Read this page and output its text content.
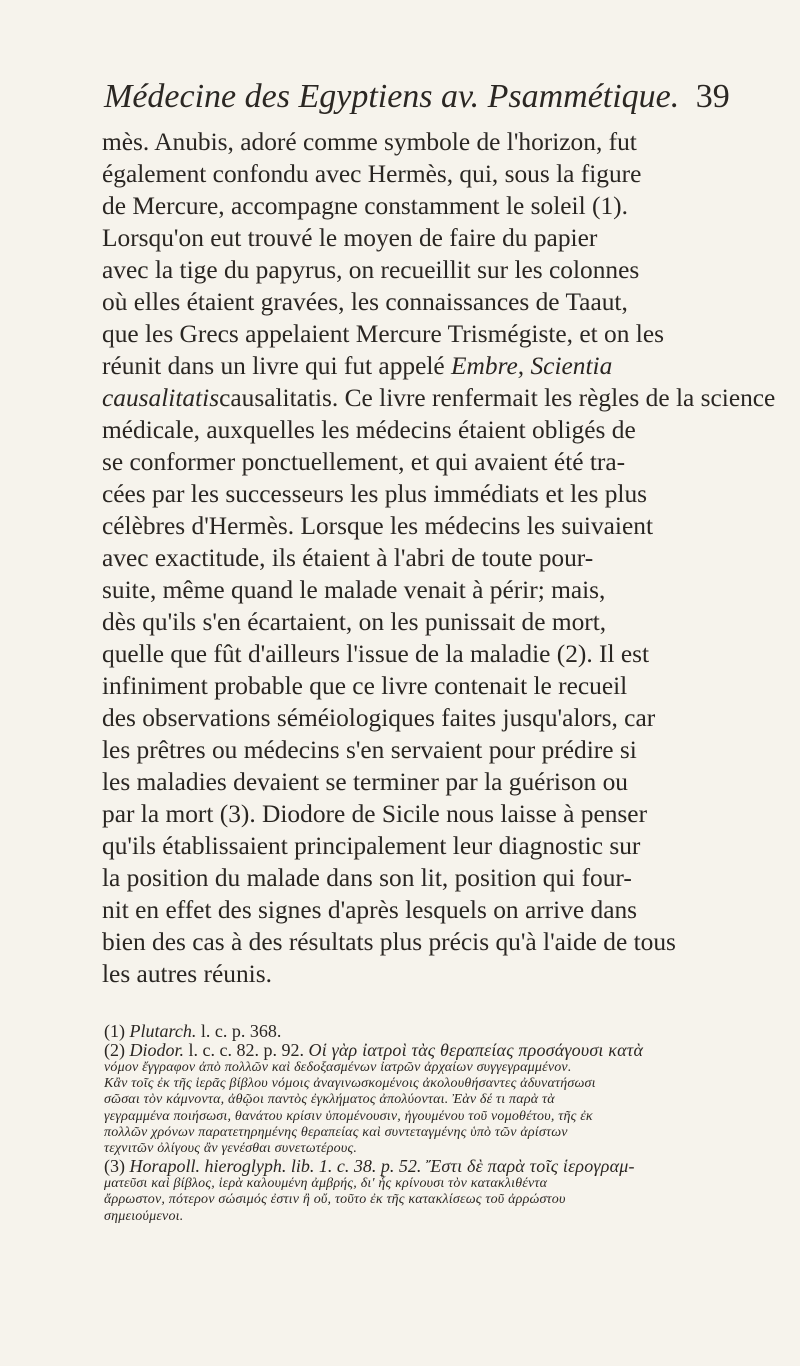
Médecine des Egyptiens av. Psammétique. 39
mès. Anubis, adoré comme symbole de l'horizon, fut
également confondu avec Hermès, qui, sous la figure
de Mercure, accompagne constamment le soleil (1).
Lorsqu'on eut trouvé le moyen de faire du papier
avec la tige du papyrus, on recueillit sur les colonnes
où elles étaient gravées, les connaissances de Taaut,
que les Grecs appelaient Mercure Trismégiste, et on les
réunit dans un livre qui fut appelé Embre, Scientia
causalitatiscausalitatis. Ce livre renfermait les règles de la science
médicale, auxquelles les médecins étaient obligés de
se conformer ponctuellement, et qui avaient été tra-
cées par les successeurs les plus immédiats et les plus
célèbres d'Hermès. Lorsque les médecins les suivaient
avec exactitude, ils étaient à l'abri de toute pour-
suite, même quand le malade venait à périr; mais,
dès qu'ils s'en écartaient, on les punissait de mort,
quelle que fût d'ailleurs l'issue de la maladie (2). Il est
infiniment probable que ce livre contenait le recueil
des observations séméiologiques faites jusqu'alors, car
les prêtres ou médecins s'en servaient pour prédire si
les maladies devaient se terminer par la guérison ou
par la mort (3). Diodore de Sicile nous laisse à penser
qu'ils établissaient principalement leur diagnostic sur
la position du malade dans son lit, position qui four-
nit en effet des signes d'après lesquels on arrive dans
bien des cas à des résultats plus précis qu'à l'aide de tous
les autres réunis.
(1) Plutarch. l. c. p. 368.
(2) Diodor. l. c. c. 82. p. 92. Οἱ γὰρ ἰατροὶ τὰς θεραπείας προσάγουσι κατὰ
νόμον ἔγγραφον ἀπὸ πολλῶν καὶ δεδοξασμένων ἰατρῶν ἀρχαίων συγγεγραμμένον.
Κἂν τοῖς ἐκ τῆς ἱερᾶς βίβλου νόμοις ἀναγινωσκομένοις ἀκολουθήσαντες ἀδυνατήσωσι
σῶσαι τὸν κάμνοντα, ἀθῷοι παντὸς ἐγκλήματος ἀπολύονται. Ἐὰν δέ τι παρὰ τὰ
γεγραμμένα ποιήσωσι, θανάτου κρίσιν ὑπομένουσιν, ἡγουμένου τοῦ νομοθέτου, τῆς ἐκ
πολλῶν χρόνων παρατετηρημένης θεραπείας καὶ συντεταγμένης ὑπὸ τῶν ἀρίστων
τεχνιτῶν ὀλίγους ἂν γενέσθαι συνετωτέρους.
(3) Horapoll. hieroglyph. lib. 1. c. 38. p. 52. Ἔστι δὲ παρὰ τοῖς ἱερογραμ-
ματεῦσι καὶ βίβλος, ἱερὰ καλουμένη ἀμβρής, δι' ἧς κρίνουσι τὸν κατακλιθέντα
ἄρρωστον, πότερον σώσιμός ἐστιν ἢ οὔ, τοῦτο ἐκ τῆς κατακλίσεως τοῦ ἀρρώστου
σημειούμενοι.
